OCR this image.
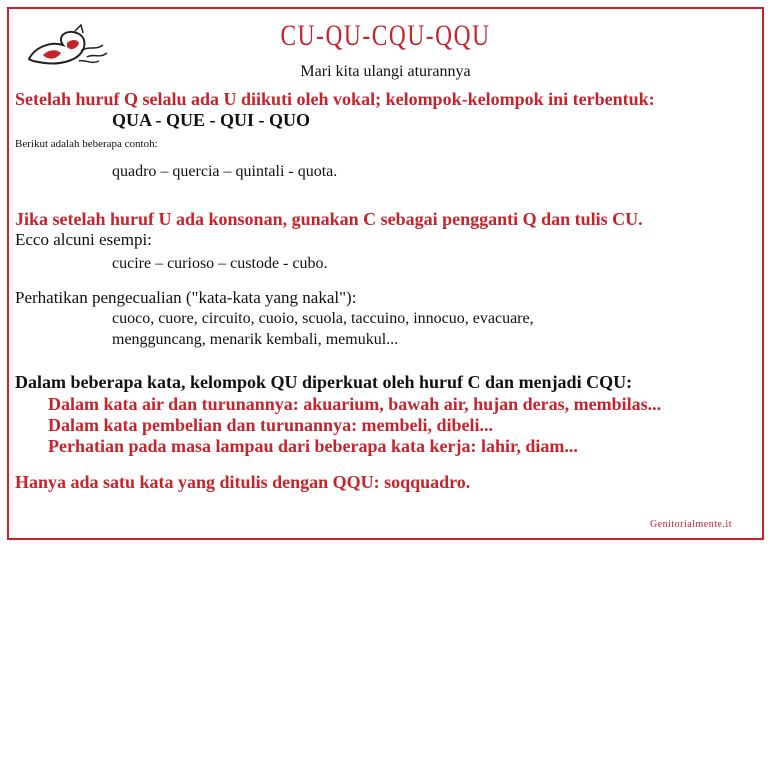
CU-QU-CQU-QQU
Mari kita ulangi aturannya
Setelah huruf Q selalu ada U diikuti oleh vokal; kelompok-kelompok ini terbentuk:
QUA - QUE - QUI - QUO
Berikut adalah beberapa contoh:
quadro – quercia – quintali - quota.
Jika setelah huruf U ada konsonan, gunakan C sebagai pengganti Q dan tulis CU.
Ecco alcuni esempi:
cucire – curioso – custode - cubo.
Perhatikan pengecualian ("kata-kata yang nakal"):
cuoco, cuore, circuito, cuoio, scuola, taccuino, innocuo, evacuare,
mengguncang, menarik kembali, memukul...
Dalam beberapa kata, kelompok QU diperkuat oleh huruf C dan menjadi CQU:
Dalam kata air dan turunannya: akuarium, bawah air, hujan deras, membilas...
Dalam kata pembelian dan turunannya: membeli, dibeli...
Perhatian pada masa lampau dari beberapa kata kerja: lahir, diam...
Hanya ada satu kata yang ditulis dengan QQU: soqquadro.
Genitorialmente.it
